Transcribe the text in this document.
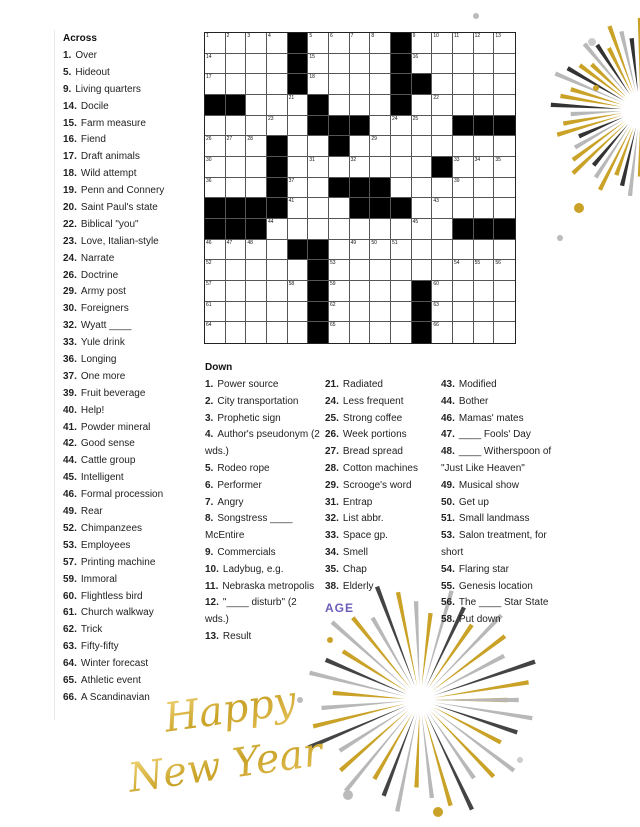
Across
1. Over
5. Hideout
9. Living quarters
14. Docile
15. Farm measure
16. Fiend
17. Draft animals
18. Wild attempt
19. Penn and Connery
20. Saint Paul's state
22. Biblical "you"
23. Love, Italian-style
24. Narrate
26. Doctrine
29. Army post
30. Foreigners
32. Wyatt ____
33. Yule drink
36. Longing
37. One more
39. Fruit beverage
40. Help!
41. Powder mineral
42. Good sense
44. Cattle group
45. Intelligent
46. Formal procession
49. Rear
52. Chimpanzees
53. Employees
57. Printing machine
59. Immoral
60. Flightless bird
61. Church walkway
62. Trick
63. Fifty-fifty
64. Winter forecast
65. Athletic event
66. A Scandinavian
1	2	3	4	5	6	7	8	9	10	11	12	13
14	15	16
17	18
21	22
23	24	25
26	27	28	29
30	31	32	33	34	35
36	37	39
41	43
44	45
46	47	48	49	50	51
52	53	54	55	56
57	58	59	60
61	62	63
64	65	66
Down
1. Power source
2. City transportation
3. Prophetic sign
4. Author's pseudonym (2 wds.)
5. Rodeo rope
6. Performer
7. Angry
8. Songstress ____ McEntire
9. Commercials
10. Ladybug, e.g.
11. Nebraska metropolis
12. "____ disturb" (2 wds.)
13. Result
21. Radiated
24. Less frequent
25. Strong coffee
26. Week portions
27. Bread spread
28. Cotton machines
29. Scrooge's word
31. Entrap
32. List abbr.
33. Space gp.
34. Smell
35. Chap
38. Elderly
43. Modified
44. Bother
46. Mamas' mates
47. ____ Fools' Day
48. ____ Witherspoon of "Just Like Heaven"
49. Musical show
50. Get up
51. Small landmass
53. Salon treatment, for short
54. Flaring star
55. Genesis location
56. The ____ Star State
58. Put down
AGE
Happy
New Year
